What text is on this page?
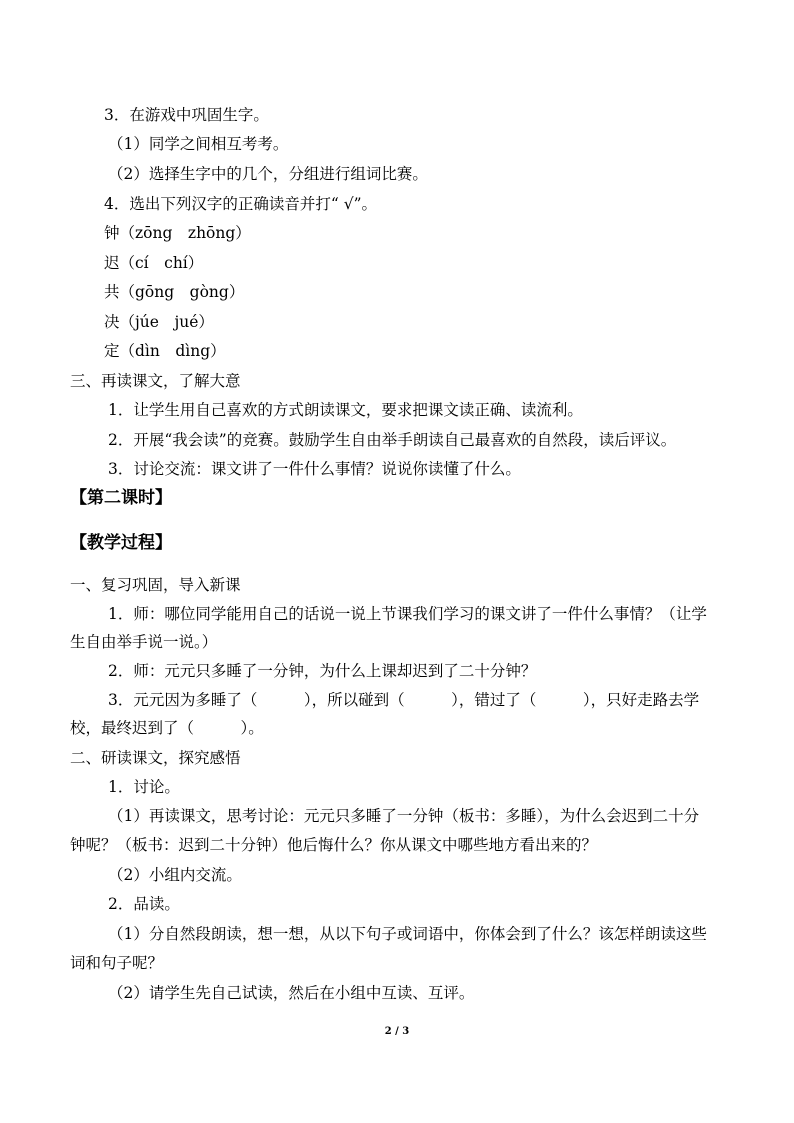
3．在游戏中巩固生字。
（1）同学之间相互考考。
（2）选择生字中的几个，分组进行组词比赛。
4．选出下列汉字的正确读音并打“ √”。
钟（zōng　zhōng）
迟（cí　chí）
共（gōng　gòng）
决（júe　jué）
定（dìn　dìng）
三、再读课文，了解大意
1．让学生用自己喜欢的方式朗读课文，要求把课文读正确、读流利。
2．开展“我会读”的竞赛。鼓励学生自由举手朗读自己最喜欢的自然段，读后评议。
3．讨论交流：课文讲了一件什么事情？说说你读懂了什么。
【第二课时】
【教学过程】
一、复习巩固，导入新课
1．师：哪位同学能用自己的话说一说上节课我们学习的课文讲了一件什么事情？（让学
生自由举手说一说。）
2．师：元元只多睡了一分钟，为什么上课却迟到了二十分钟？
3．元元因为多睡了（　　　），所以碰到（　　　），错过了（　　　），只好走路去学
校，最终迟到了（　　　）。
二、研读课文，探究感悟
1．讨论。
（1）再读课文，思考讨论：元元只多睡了一分钟（板书：多睡），为什么会迟到二十分
钟呢？（板书：迟到二十分钟）他后悔什么？你从课文中哪些地方看出来的？
（2）小组内交流。
2．品读。
（1）分自然段朗读，想一想，从以下句子或词语中，你体会到了什么？该怎样朗读这些
词和句子呢？
（2）请学生先自己试读，然后在小组中互读、互评。
2 / 3
